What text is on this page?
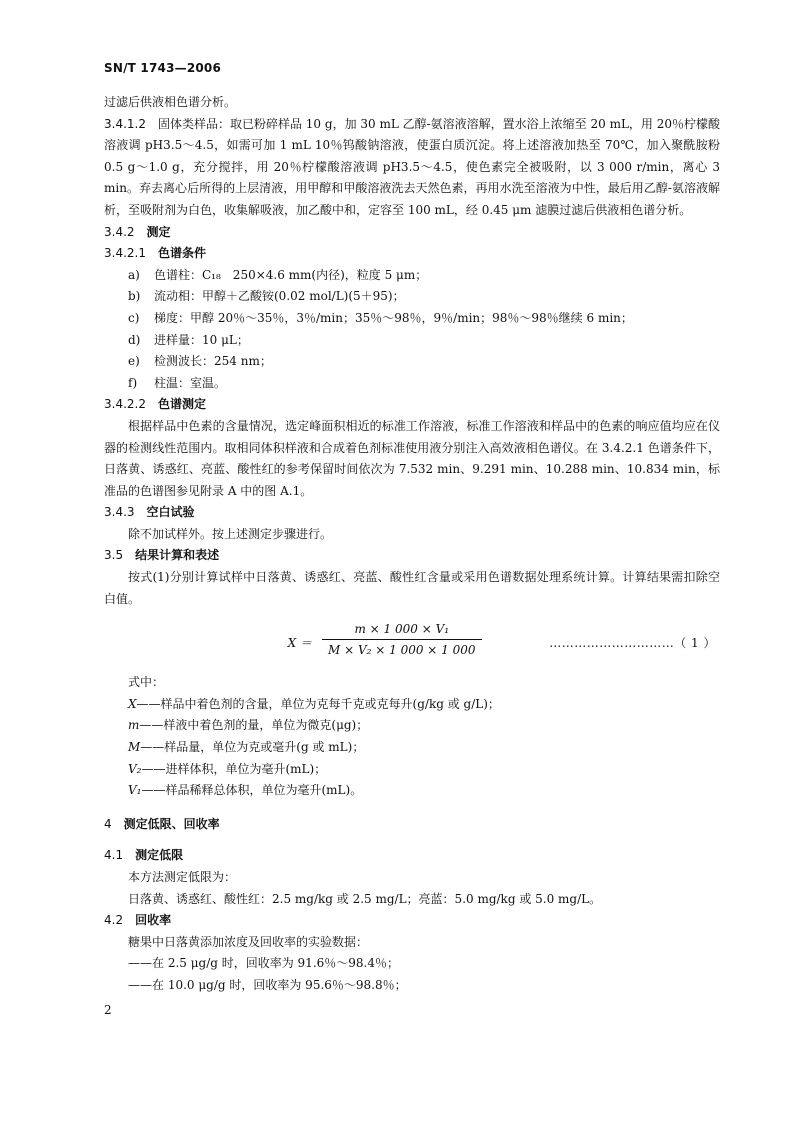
SN/T 1743—2006

过滤后供液相色谱分析。

3.4.1.2 固体类样品：取已粉碎样品 10 g，加 30 mL 乙醇-氨溶液溶解，置水浴上浓缩至 20 mL，用 20％柠檬酸溶液调 pH3.5～4.5，如需可加 1 mL 10％钨酸钠溶液，使蛋白质沉淀。将上述溶液加热至 70℃，加入聚酰胺粉 0.5 g～1.0 g，充分搅拌，用 20％柠檬酸溶液调 pH3.5～4.5，使色素完全被吸附，以 3 000 r/min，离心 3 min。弃去离心后所得的上层清液，用甲醇和甲酸溶液洗去天然色素，再用水洗至溶液为中性，最后用乙醇-氨溶液解析，至吸附剂为白色，收集解吸液，加乙酸中和，定容至 100 mL，经 0.45 μm 滤膜过滤后供液相色谱分析。

3.4.2 测定

3.4.2.1 色谱条件

a) 色谱柱：C₁₈　250×4.6 mm(内径)，粒度 5 μm；

b) 流动相：甲醇＋乙酸铵(0.02 mol/L)(5＋95)；

c) 梯度：甲醇 20％～35％，3％/min；35％～98％，9％/min；98％～98％继续 6 min；

d) 进样量：10 μL；

e) 检测波长：254 nm；

f) 柱温：室温。

3.4.2.2 色谱测定

根据样品中色素的含量情况，选定峰面积相近的标准工作溶液，标准工作溶液和样品中的色素的响应值均应在仪器的检测线性范围内。取相同体积样液和合成着色剂标准使用液分别注入高效液相色谱仪。在 3.4.2.1 色谱条件下，日落黄、诱惑红、亮蓝、酸性红的参考保留时间依次为 7.532 min、9.291 min、10.288 min、10.834 min，标准品的色谱图参见附录 A 中的图 A.1。

3.4.3 空白试验

除不加试样外。按上述测定步骤进行。

3.5 结果计算和表述

按式(1)分别计算试样中日落黄、诱惑红、亮蓝、酸性红含量或采用色谱数据处理系统计算。计算结果需扣除空白值。

$X = \frac{\text{m × 1 000 × V₁}}{\text{M × V₂ × 1 000 × 1 000}}$	…………………………（ 1 ）

式中：

X——样品中着色剂的含量，单位为克每千克或克每升(g/kg 或 g/L)；

m——样液中着色剂的量，单位为微克(μg)；

M——样品量，单位为克或毫升(g 或 mL)；

V₂——进样体积，单位为毫升(mL)；

V₁——样品稀释总体积，单位为毫升(mL)。

4 测定低限、回收率

4.1 测定低限

本方法测定低限为：

日落黄、诱惑红、酸性红：2.5 mg/kg 或 2.5 mg/L；亮蓝：5.0 mg/kg 或 5.0 mg/L。

4.2 回收率

糖果中日落黄添加浓度及回收率的实验数据：

——在 2.5 μg/g 时，回收率为 91.6％～98.4％；

——在 10.0 μg/g 时，回收率为 95.6％～98.8％；

2
